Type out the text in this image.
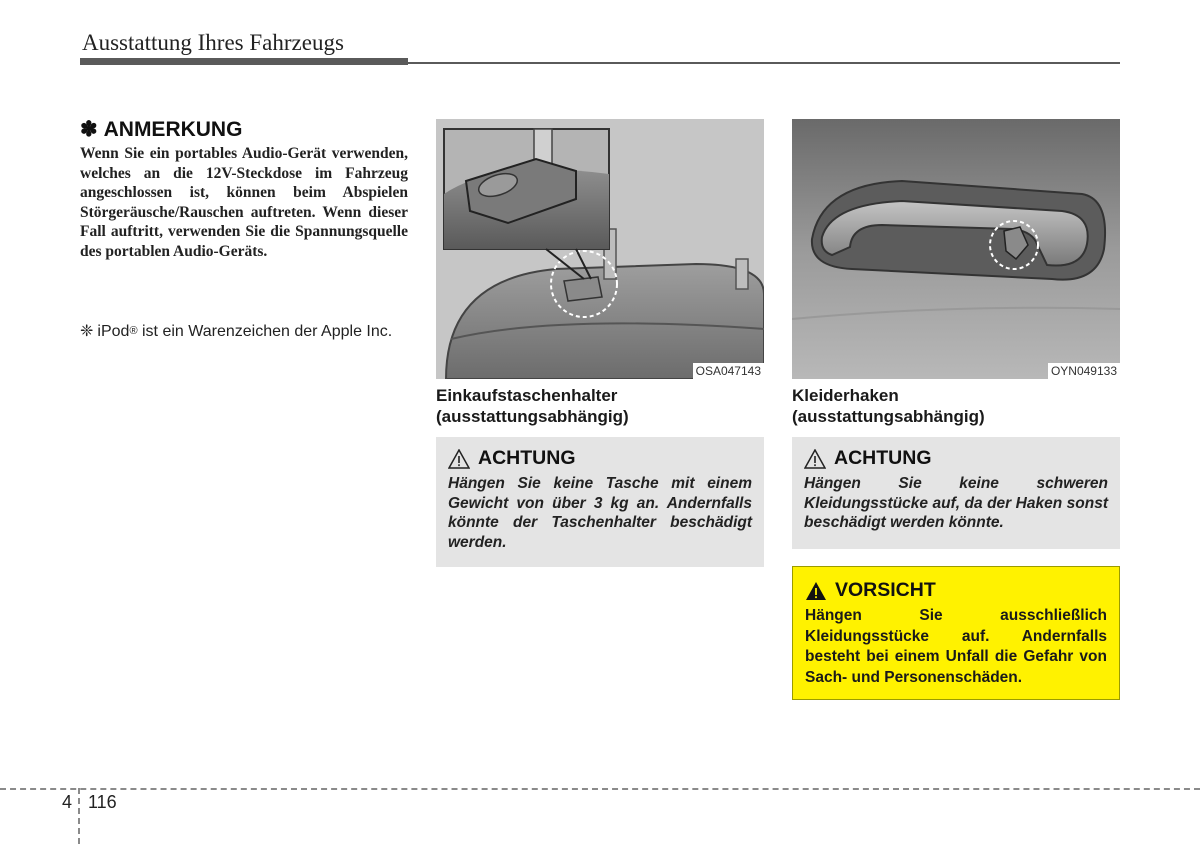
Ausstattung Ihres Fahrzeugs
✽ ANMERKUNG
Wenn Sie ein portables Audio-Gerät verwenden, welches an die 12V-Steckdose im Fahrzeug angeschlossen ist, können beim Abspielen Störgeräusche/Rauschen auftreten. Wenn dieser Fall auftritt, verwenden Sie die Spannungsquelle des portablen Audio-Geräts.
❈ iPod® ist ein Warenzeichen der Apple Inc.
OSA047143
Einkaufstaschenhalter
(ausstattungsabhängig)
OYN049133
Kleiderhaken
(ausstattungsabhängig)
ACHTUNG
Hängen Sie keine Tasche mit einem Gewicht von über 3 kg an. Andernfalls könnte der Taschenhalter beschädigt werden.
ACHTUNG
Hängen Sie keine schweren Kleidungsstücke auf, da der Haken sonst beschädigt werden könnte.
VORSICHT
Hängen Sie ausschließlich Kleidungsstücke auf. Andernfalls besteht bei einem Unfall die Gefahr von Sach- und Personenschäden.
4 116
